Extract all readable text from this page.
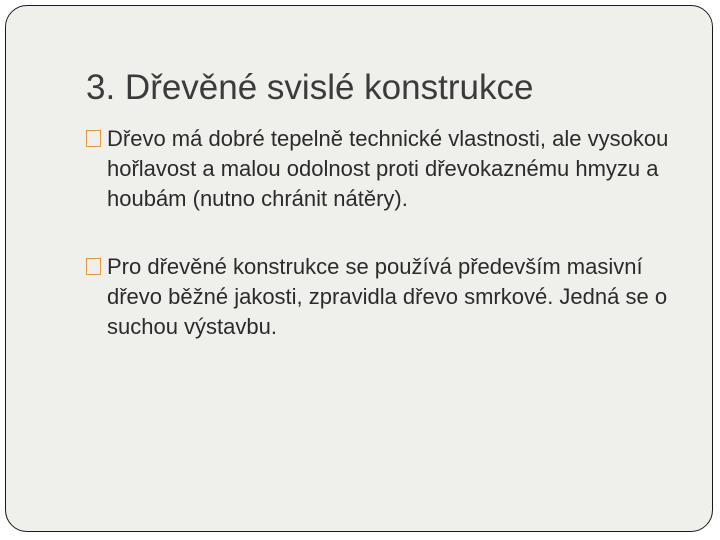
3. Dřevěné svislé konstrukce
Dřevo má dobré tepelně technické vlastnosti, ale vysokou hořlavost a malou odolnost proti dřevokaznému hmyzu a houbám (nutno chránit nátěry).
Pro dřevěné konstrukce se používá především masivní dřevo běžné jakosti, zpravidla dřevo smrkové. Jedná se o suchou výstavbu.
